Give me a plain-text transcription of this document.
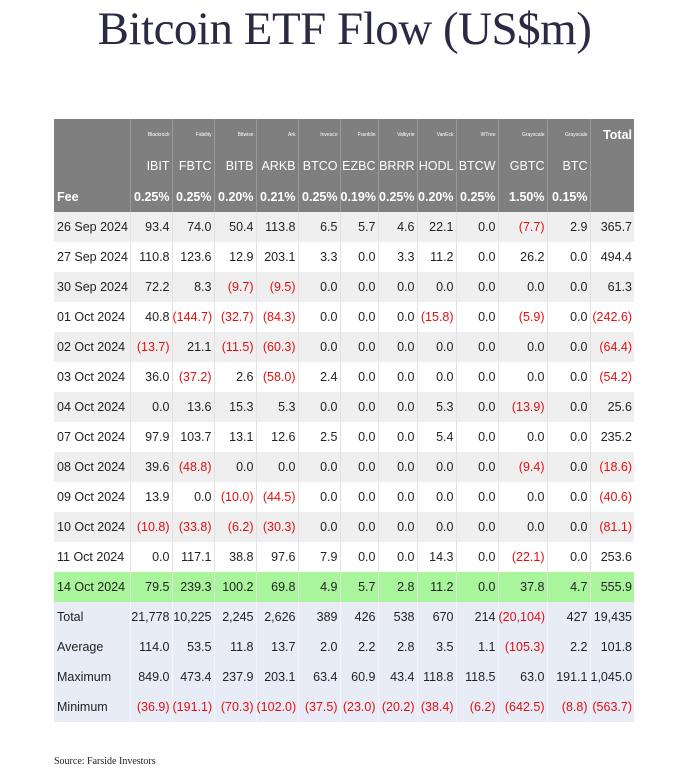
Bitcoin ETF Flow (US$m)
	Blackrock	Fidelity	Bitwise	Ark	Invesco	Franklin	Valkyrie	VanEck	WTree	Grayscale	Grayscale	Total
	IBIT	FBTC	BITB	ARKB	BTCO	EZBC	BRRR	HODL	BTCW	GBTC	BTC	
Fee	0.25%	0.25%	0.20%	0.21%	0.25%	0.19%	0.25%	0.20%	0.25%	1.50%	0.15%	
26 Sep 2024	93.4	74.0	50.4	113.8	6.5	5.7	4.6	22.1	0.0	(7.7)	2.9	365.7
27 Sep 2024	110.8	123.6	12.9	203.1	3.3	0.0	3.3	11.2	0.0	26.2	0.0	494.4
30 Sep 2024	72.2	8.3	(9.7)	(9.5)	0.0	0.0	0.0	0.0	0.0	0.0	0.0	61.3
01 Oct 2024	40.8	(144.7)	(32.7)	(84.3)	0.0	0.0	0.0	(15.8)	0.0	(5.9)	0.0	(242.6)
02 Oct 2024	(13.7)	21.1	(11.5)	(60.3)	0.0	0.0	0.0	0.0	0.0	0.0	0.0	(64.4)
03 Oct 2024	36.0	(37.2)	2.6	(58.0)	2.4	0.0	0.0	0.0	0.0	0.0	0.0	(54.2)
04 Oct 2024	0.0	13.6	15.3	5.3	0.0	0.0	0.0	5.3	0.0	(13.9)	0.0	25.6
07 Oct 2024	97.9	103.7	13.1	12.6	2.5	0.0	0.0	5.4	0.0	0.0	0.0	235.2
08 Oct 2024	39.6	(48.8)	0.0	0.0	0.0	0.0	0.0	0.0	0.0	(9.4)	0.0	(18.6)
09 Oct 2024	13.9	0.0	(10.0)	(44.5)	0.0	0.0	0.0	0.0	0.0	0.0	0.0	(40.6)
10 Oct 2024	(10.8)	(33.8)	(6.2)	(30.3)	0.0	0.0	0.0	0.0	0.0	0.0	0.0	(81.1)
11 Oct 2024	0.0	117.1	38.8	97.6	7.9	0.0	0.0	14.3	0.0	(22.1)	0.0	253.6
14 Oct 2024	79.5	239.3	100.2	69.8	4.9	5.7	2.8	11.2	0.0	37.8	4.7	555.9
Total	21,778	10,225	2,245	2,626	389	426	538	670	214	(20,104)	427	19,435
Average	114.0	53.5	11.8	13.7	2.0	2.2	2.8	3.5	1.1	(105.3)	2.2	101.8
Maximum	849.0	473.4	237.9	203.1	63.4	60.9	43.4	118.8	118.5	63.0	191.1	1,045.0
Minimum	(36.9)	(191.1)	(70.3)	(102.0)	(37.5)	(23.0)	(20.2)	(38.4)	(6.2)	(642.5)	(8.8)	(563.7)
Source: Farside Investors
